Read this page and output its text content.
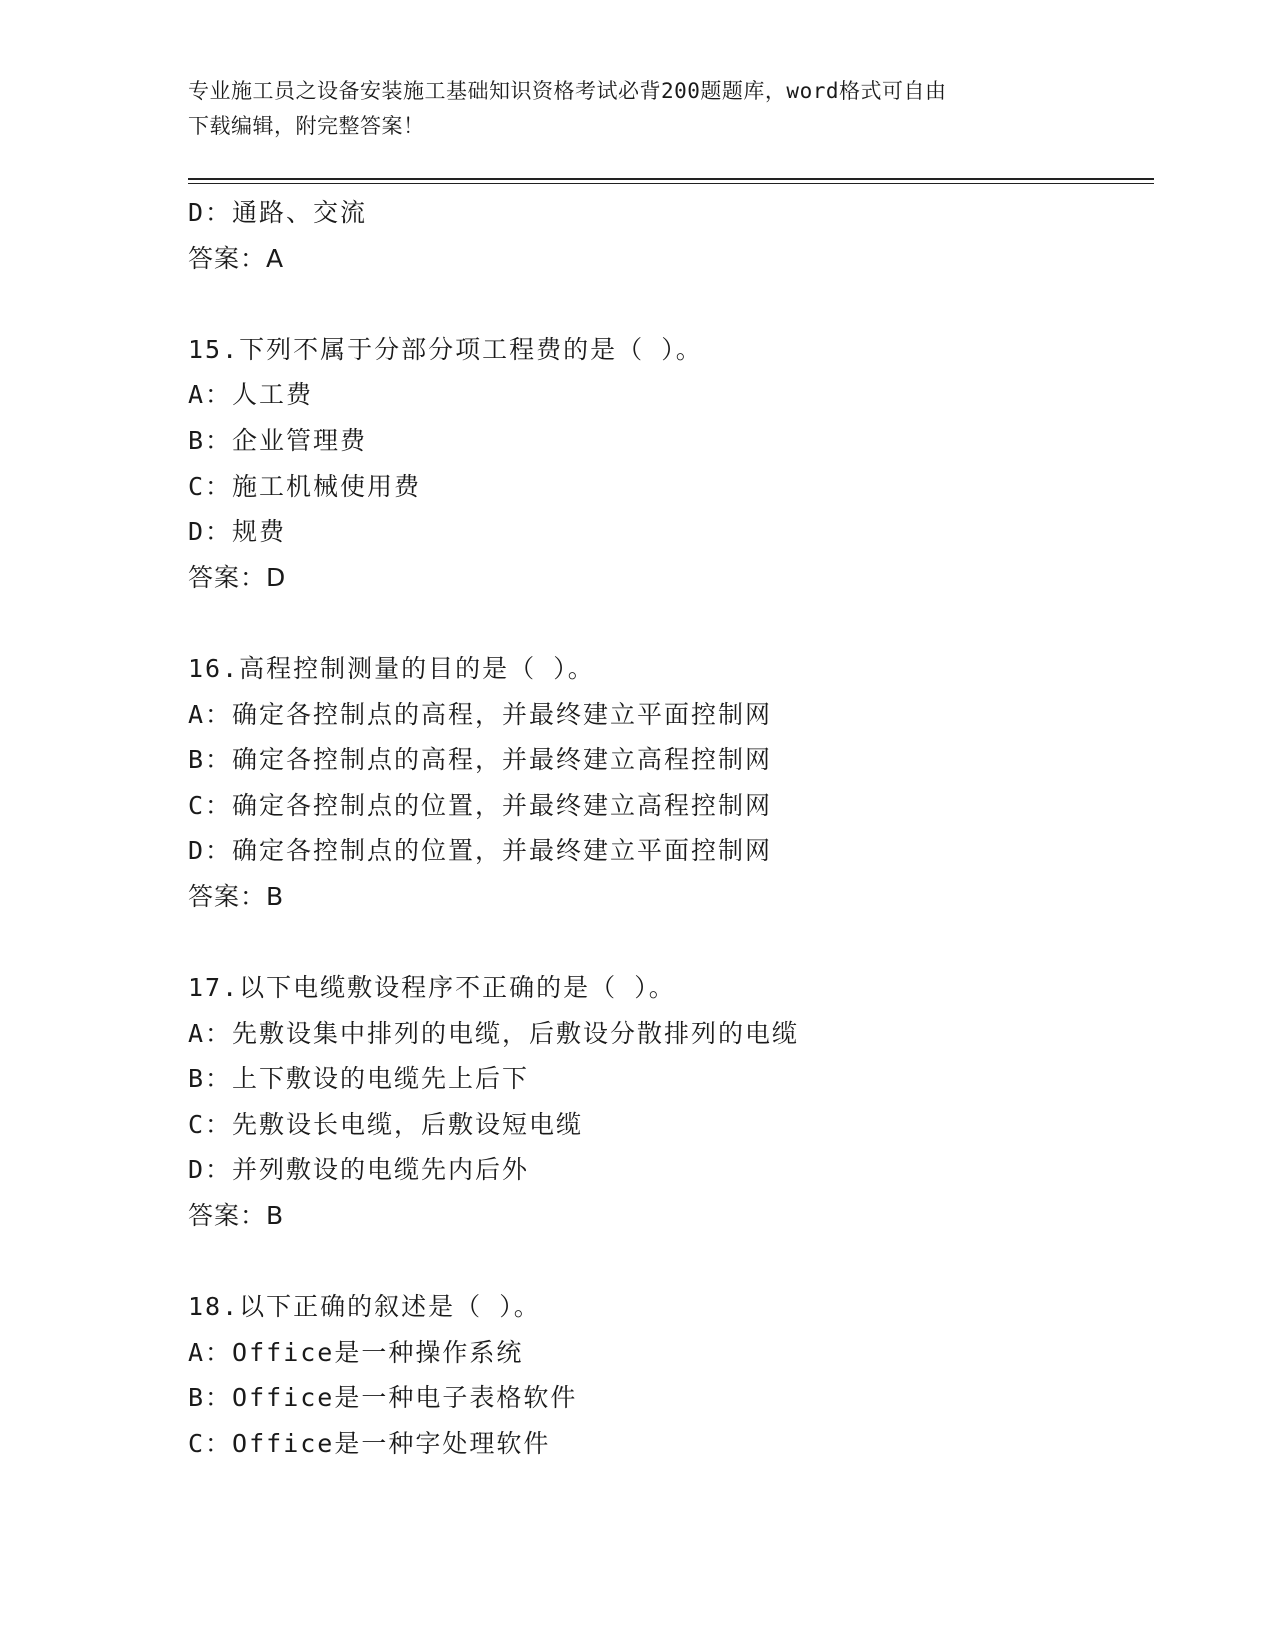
专业施工员之设备安装施工基础知识资格考试必背200题题库，word格式可自由
下载编辑，附完整答案！
D：通路、交流
答案：A
15.下列不属于分部分项工程费的是（ ）。
A：人工费
B：企业管理费
C：施工机械使用费
D：规费
答案：D
16.高程控制测量的目的是（ ）。
A：确定各控制点的高程，并最终建立平面控制网
B：确定各控制点的高程，并最终建立高程控制网
C：确定各控制点的位置，并最终建立高程控制网
D：确定各控制点的位置，并最终建立平面控制网
答案：B
17.以下电缆敷设程序不正确的是（ ）。
A：先敷设集中排列的电缆，后敷设分散排列的电缆
B：上下敷设的电缆先上后下
C：先敷设长电缆，后敷设短电缆
D：并列敷设的电缆先内后外
答案：B
18.以下正确的叙述是（ ）。
A：Office是一种操作系统
B：Office是一种电子表格软件
C：Office是一种字处理软件
